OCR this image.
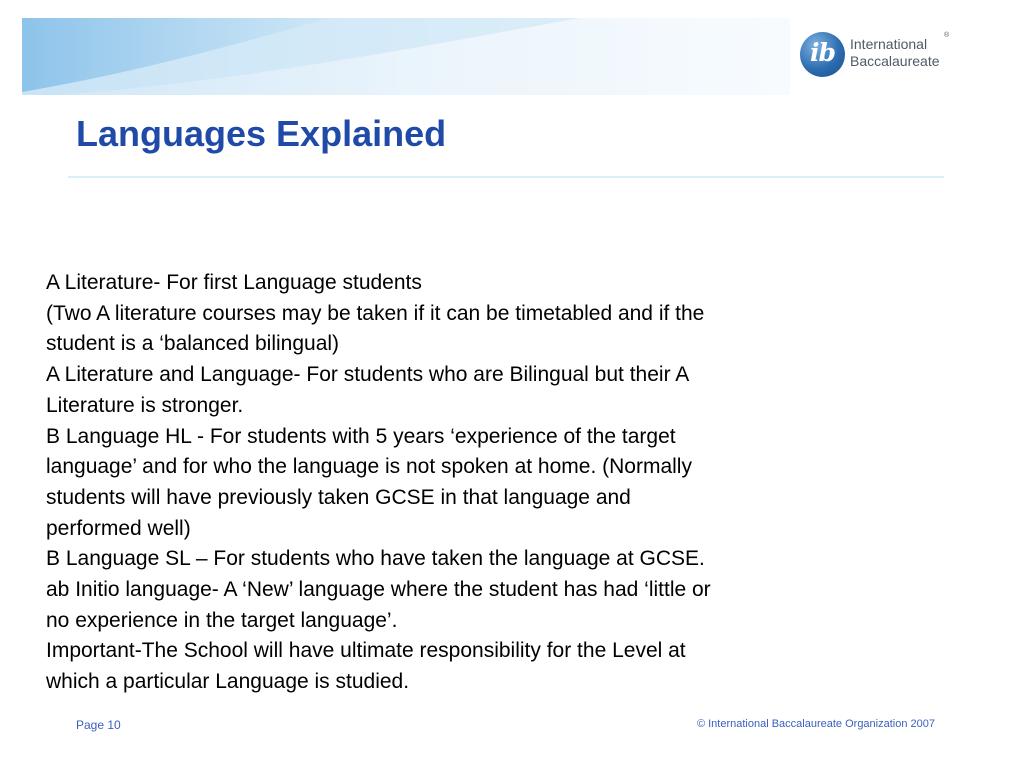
ib	International
Baccalaureate
®
Languages Explained
A Literature- For first Language students
(Two A literature courses may be taken if it can be timetabled and if the
student is a ‘balanced bilingual)
A Literature and Language- For students who are Bilingual but their A
Literature is stronger.
B Language HL - For students with 5 years ‘experience of the target
language’ and for who the language is not spoken at home. (Normally
students will have previously taken GCSE in that language and
performed well)
B Language SL – For students who have taken the language at GCSE.
ab Initio language- A ‘New’ language where the student has had ‘little or
no experience in the target language’.
Important-The School will have ultimate responsibility for the Level at
which a particular Language is studied.
Page 10	© International Baccalaureate Organization 2007
